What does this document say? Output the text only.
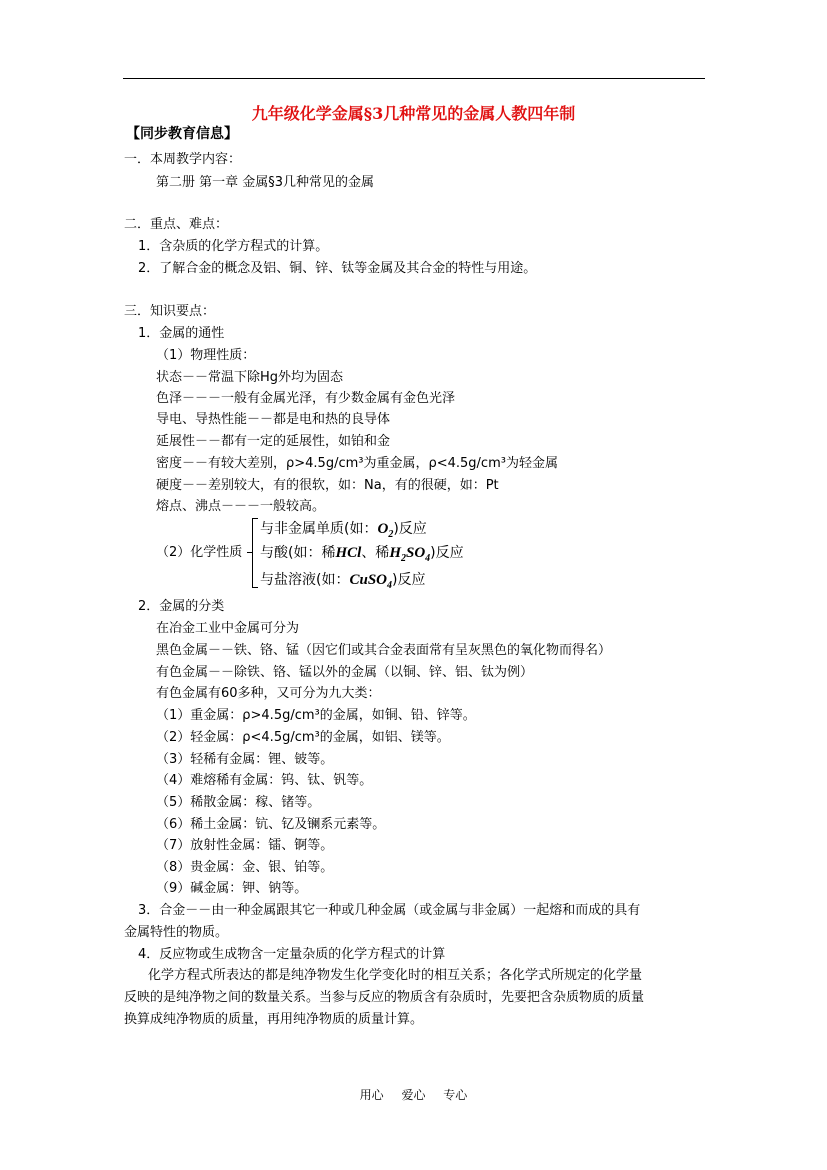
九年级化学金属§3几种常见的金属人教四年制
【同步教育信息】
一．本周教学内容：
第二册 第一章 金属§3几种常见的金属
二．重点、难点：
1．含杂质的化学方程式的计算。
2．了解合金的概念及铝、铜、锌、钛等金属及其合金的特性与用途。
三．知识要点：
1．金属的通性
（1）物理性质：
状态－－常温下除Hg外均为固态
色泽－－－一般有金属光泽，有少数金属有金色光泽
导电、导热性能－－都是电和热的良导体
延展性－－都有一定的延展性，如铂和金
密度－－有较大差别，ρ>4.5g/cm³为重金属，ρ<4.5g/cm³为轻金属
硬度－－差别较大，有的很软，如：Na，有的很硬，如：Pt
熔点、沸点－－－一般较高。
（2）化学性质
与非金属单质(如：$O_2$)反应
与酸(如：稀HCl、稀$H_2SO_4$)反应
与盐溶液(如：CuSO$_4$)反应
2．金属的分类
在冶金工业中金属可分为
黑色金属－－铁、铬、锰（因它们或其合金表面常有呈灰黑色的氧化物而得名）
有色金属－－除铁、铬、锰以外的金属（以铜、锌、铝、钛为例）
有色金属有60多种，又可分为九大类：
（1）重金属：ρ>4.5g/cm³的金属，如铜、铅、锌等。
（2）轻金属：ρ<4.5g/cm³的金属，如铝、镁等。
（3）轻稀有金属：锂、铍等。
（4）难熔稀有金属：钨、钛、钒等。
（5）稀散金属：稼、锗等。
（6）稀土金属：钪、钇及镧系元素等。
（7）放射性金属：镭、锕等。
（8）贵金属：金、银、铂等。
（9）碱金属：钾、钠等。
3．合金－－由一种金属跟其它一种或几种金属（或金属与非金属）一起熔和而成的具有
金属特性的物质。
4．反应物或生成物含一定量杂质的化学方程式的计算
化学方程式所表达的都是纯净物发生化学变化时的相互关系；各化学式所规定的化学量
反映的是纯净物之间的数量关系。当参与反应的物质含有杂质时，先要把含杂质物质的质量
换算成纯净物质的质量，再用纯净物质的质量计算。
用心 爱心 专心
